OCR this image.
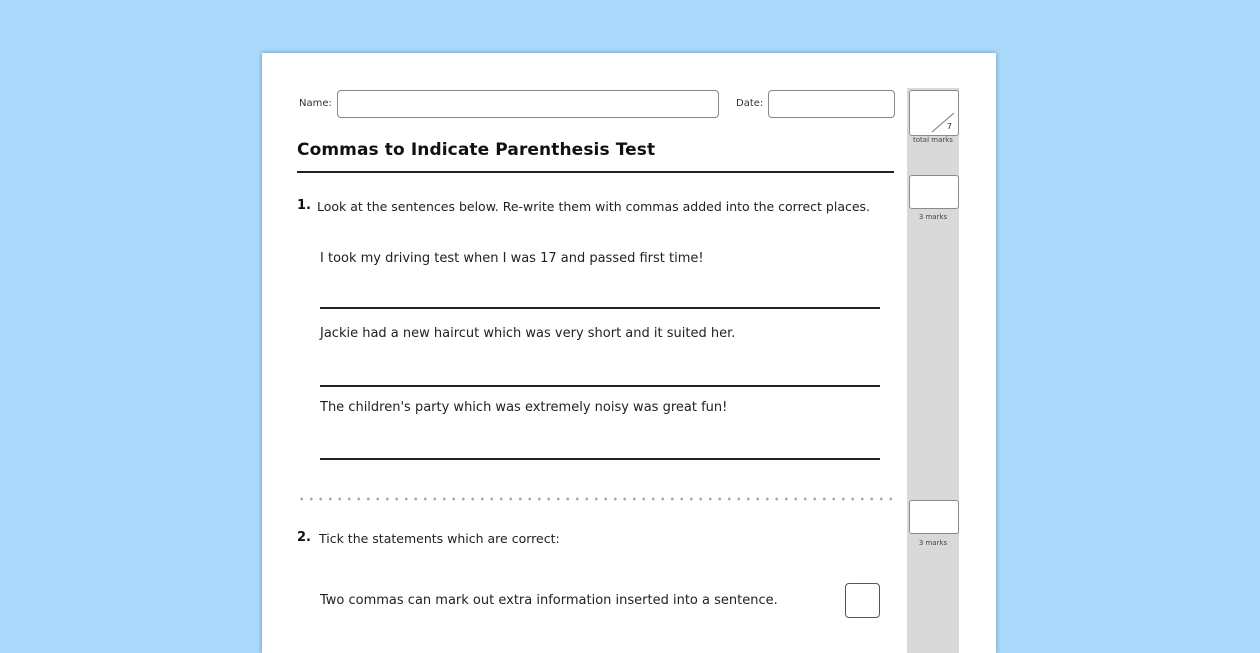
Name:	Date:
7
total marks
Commas to Indicate Parenthesis Test
3 marks
1. Look at the sentences below. Re-write them with commas added into the correct places.
I took my driving test when I was 17 and passed first time!
Jackie had a new haircut which was very short and it suited her.
The children's party which was extremely noisy was great fun!
3 marks
2. Tick the statements which are correct:
Two commas can mark out extra information inserted into a sentence.
